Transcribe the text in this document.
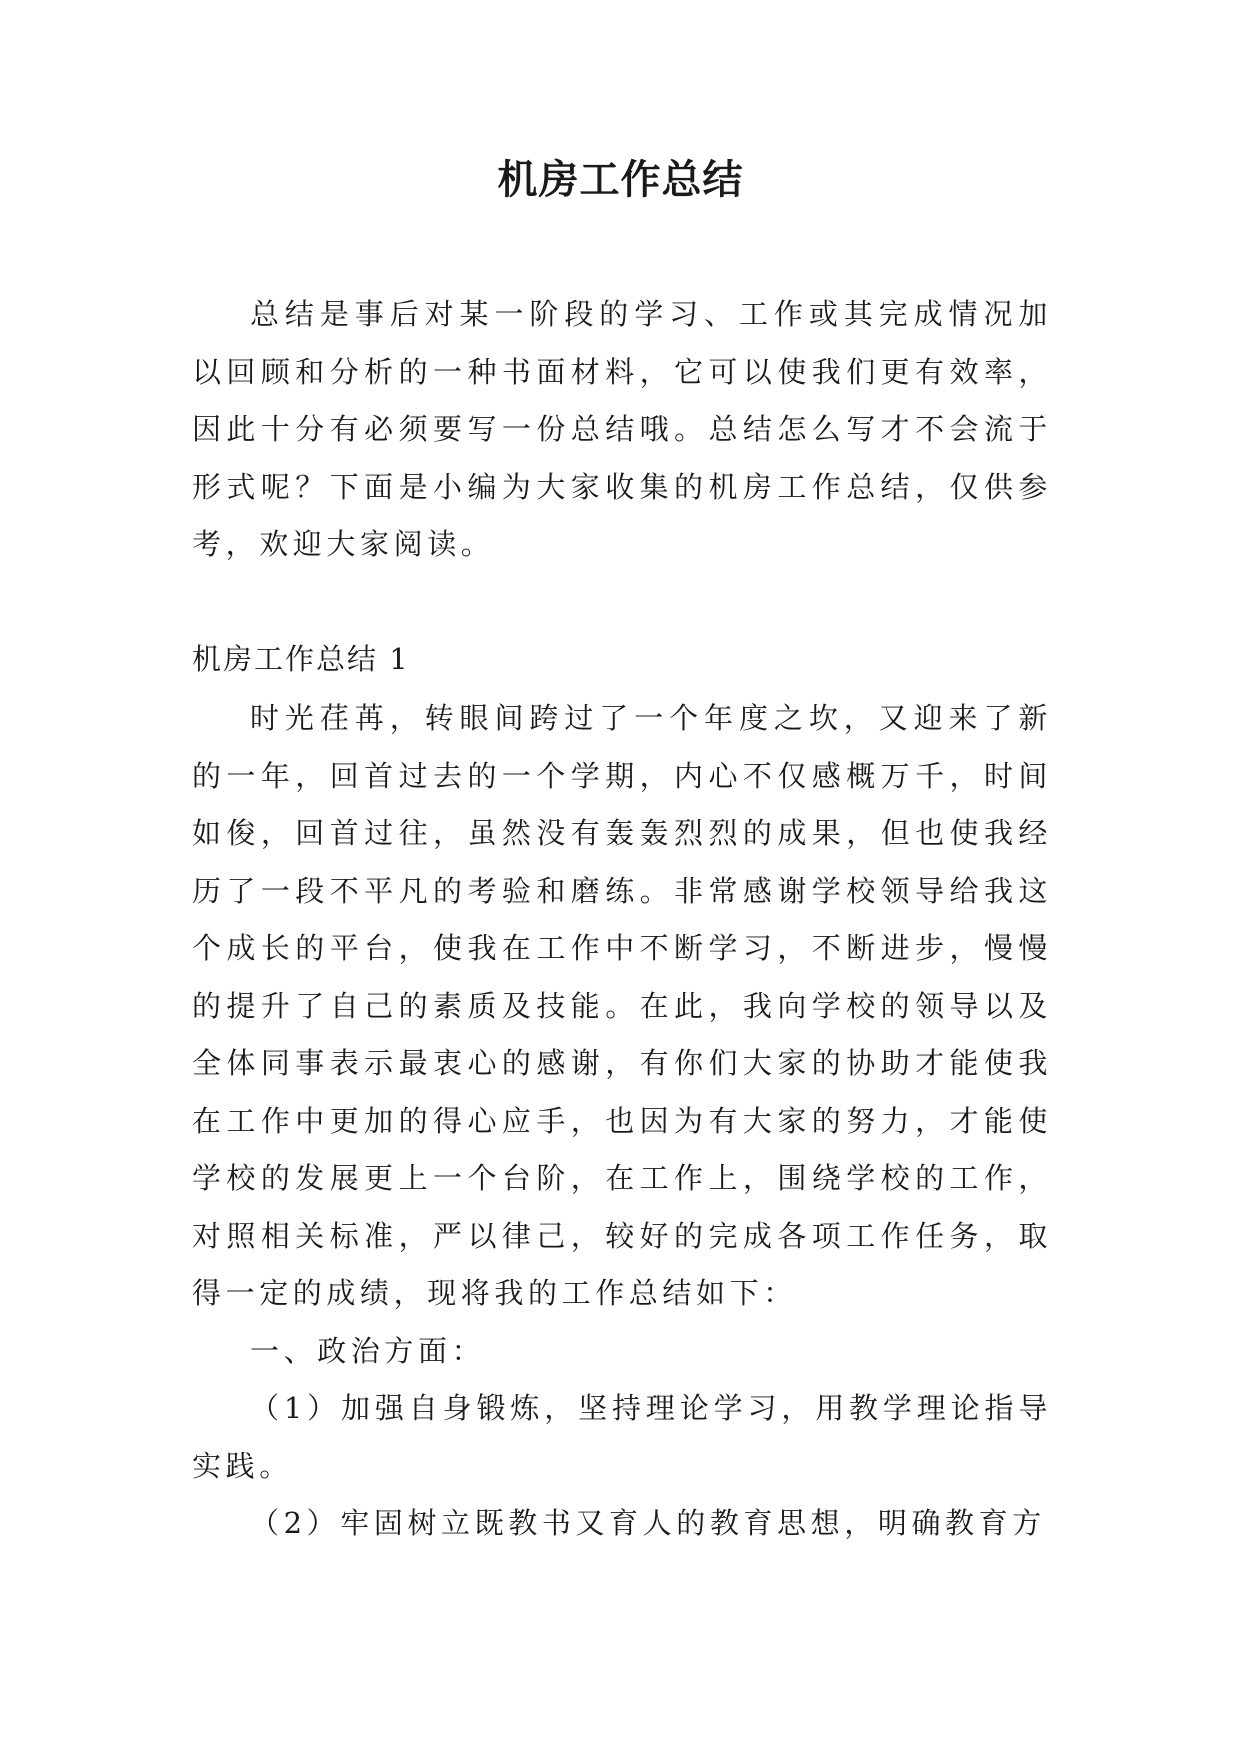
机房工作总结

总结是事后对某一阶段的学习、工作或其完成情况加以回顾和分析的一种书面材料，它可以使我们更有效率，因此十分有必须要写一份总结哦。总结怎么写才不会流于形式呢？下面是小编为大家收集的机房工作总结，仅供参考，欢迎大家阅读。

机房工作总结 1

时光荏苒，转眼间跨过了一个年度之坎，又迎来了新的一年，回首过去的一个学期，内心不仅感概万千，时间如俊，回首过往，虽然没有轰轰烈烈的成果，但也使我经历了一段不平凡的考验和磨练。非常感谢学校领导给我这个成长的平台，使我在工作中不断学习，不断进步，慢慢的提升了自己的素质及技能。在此，我向学校的领导以及全体同事表示最衷心的感谢，有你们大家的协助才能使我在工作中更加的得心应手，也因为有大家的努力，才能使学校的发展更上一个台阶，在工作上，围绕学校的工作，对照相关标准，严以律己，较好的完成各项工作任务，取得一定的成绩，现将我的工作总结如下：

一、政治方面：

（1）加强自身锻炼，坚持理论学习，用教学理论指导实践。

（2）牢固树立既教书又育人的教育思想，明确教育方
